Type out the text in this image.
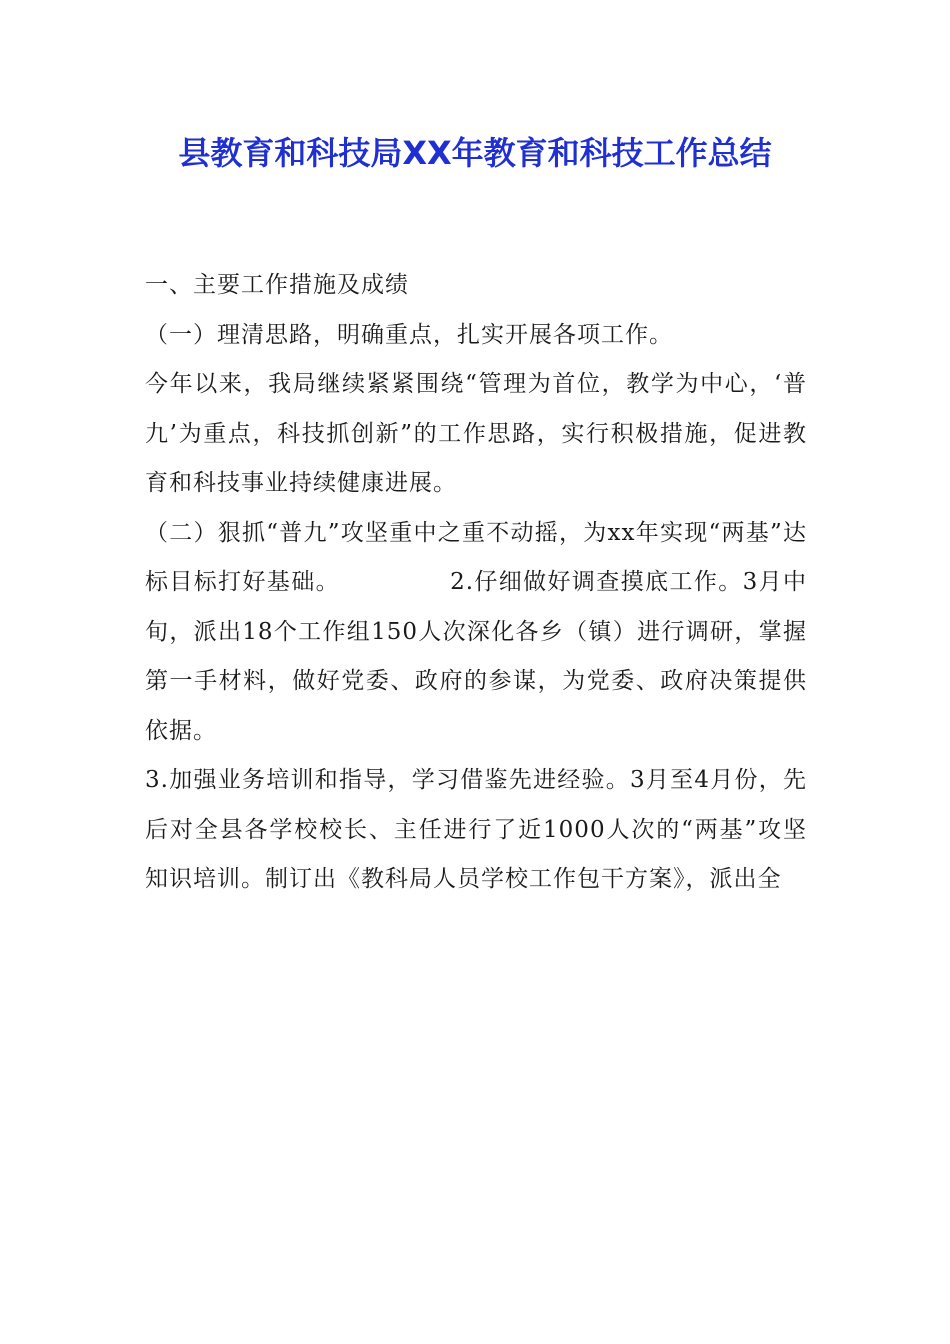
县教育和科技局XX年教育和科技工作总结

一、主要工作措施及成绩

（一）理清思路，明确重点，扎实开展各项工作。

今年以来，我局继续紧紧围绕“管理为首位，教学为中心，‘普九’为重点，科技抓创新”的工作思路，实行积极措施，促进教育和科技事业持续健康进展。

（二）狠抓“普九”攻坚重中之重不动摇，为xx年实现“两基”达标目标打好基础。	2.仔细做好调查摸底工作。3月中旬，派出18个工作组150人次深化各乡（镇）进行调研，掌握第一手材料，做好党委、政府的参谋，为党委、政府决策提供依据。

3.加强业务培训和指导，学习借鉴先进经验。3月至4月份，先后对全县各学校校长、主任进行了近1000人次的“两基”攻坚知识培训。制订出《教科局人员学校工作包干方案》，派出全
